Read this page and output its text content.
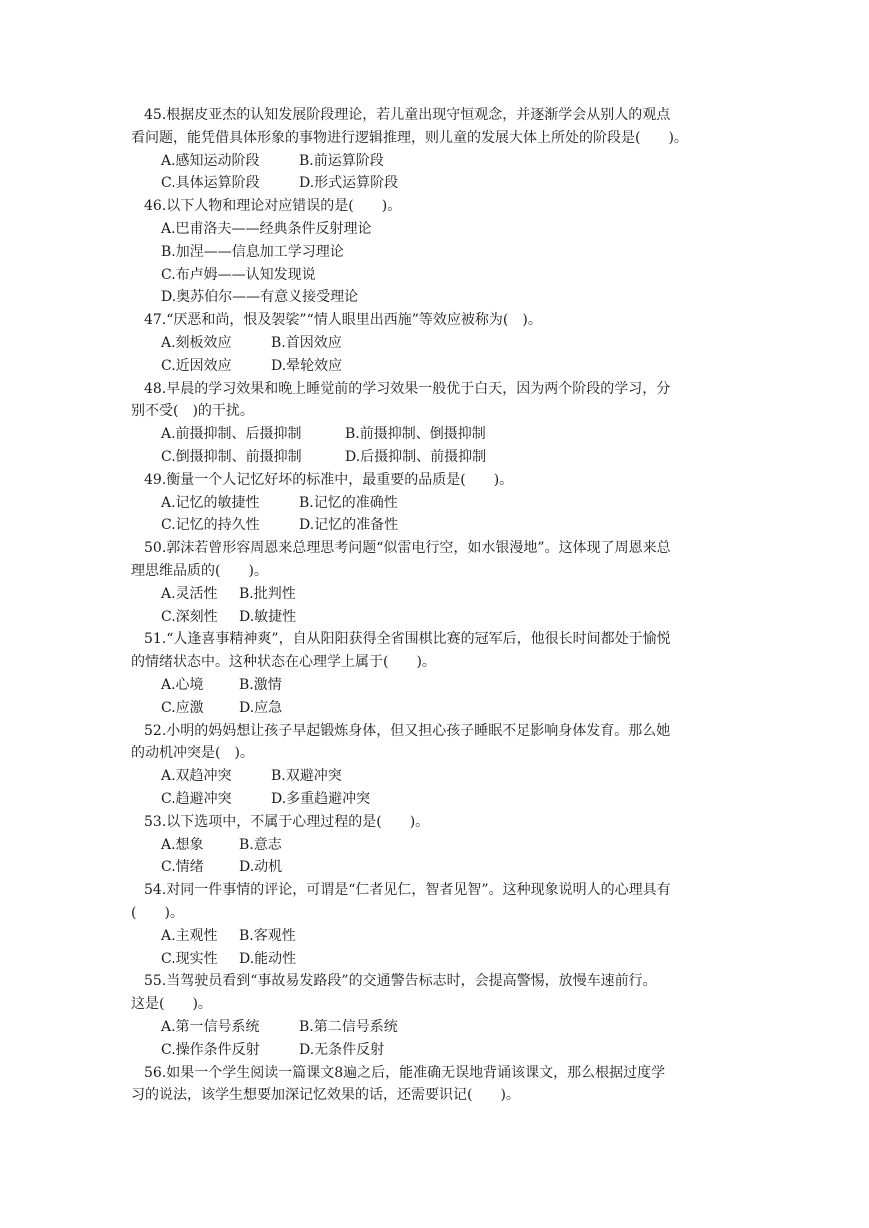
45.根据皮亚杰的认知发展阶段理论，若儿童出现守恒观念，并逐渐学会从别人的观点
看问题，能凭借具体形象的事物进行逻辑推理，则儿童的发展大体上所处的阶段是(　　)。
A.感知运动阶段	B.前运算阶段
C.具体运算阶段	D.形式运算阶段
46.以下人物和理论对应错误的是(　　)。
A.巴甫洛夫——经典条件反射理论
B.加涅——信息加工学习理论
C.布卢姆——认知发现说
D.奥苏伯尔——有意义接受理论
47.“厌恶和尚，恨及袈裟”“情人眼里出西施”等效应被称为(　)。
A.刻板效应	B.首因效应
C.近因效应	D.晕轮效应
48.早晨的学习效果和晚上睡觉前的学习效果一般优于白天，因为两个阶段的学习，分
别不受(　)的干扰。
A.前摄抑制、后摄抑制	B.前摄抑制、倒摄抑制
C.倒摄抑制、前摄抑制	D.后摄抑制、前摄抑制
49.衡量一个人记忆好坏的标准中，最重要的品质是(　　)。
A.记忆的敏捷性	B.记忆的准确性
C.记忆的持久性	D.记忆的准备性
50.郭沫若曾形容周恩来总理思考问题“似雷电行空，如水银漫地”。这体现了周恩来总
理思维品质的(　　)。
A.灵活性 B.批判性
C.深刻性 D.敏捷性
51.“人逢喜事精神爽”，自从阳阳获得全省围棋比赛的冠军后，他很长时间都处于愉悦
的情绪状态中。这种状态在心理学上属于(　　)。
A.心境	B.激情
C.应激	D.应急
52.小明的妈妈想让孩子早起锻炼身体，但又担心孩子睡眠不足影响身体发育。那么她
的动机冲突是(　)。
A.双趋冲突	B.双避冲突
C.趋避冲突	D.多重趋避冲突
53.以下选项中，不属于心理过程的是(　　)。
A.想象	B.意志
C.情绪	D.动机
54.对同一件事情的评论，可谓是“仁者见仁，智者见智”。这种现象说明人的心理具有
(　　)。
A.主观性 B.客观性
C.现实性 D.能动性
55.当驾驶员看到“事故易发路段”的交通警告标志时，会提高警惕，放慢车速前行。
这是(　　)。
A.第一信号系统	B.第二信号系统
C.操作条件反射	D.无条件反射
56.如果一个学生阅读一篇课文8遍之后，能准确无误地背诵该课文，那么根据过度学
习的说法，该学生想要加深记忆效果的话，还需要识记(　　)。
